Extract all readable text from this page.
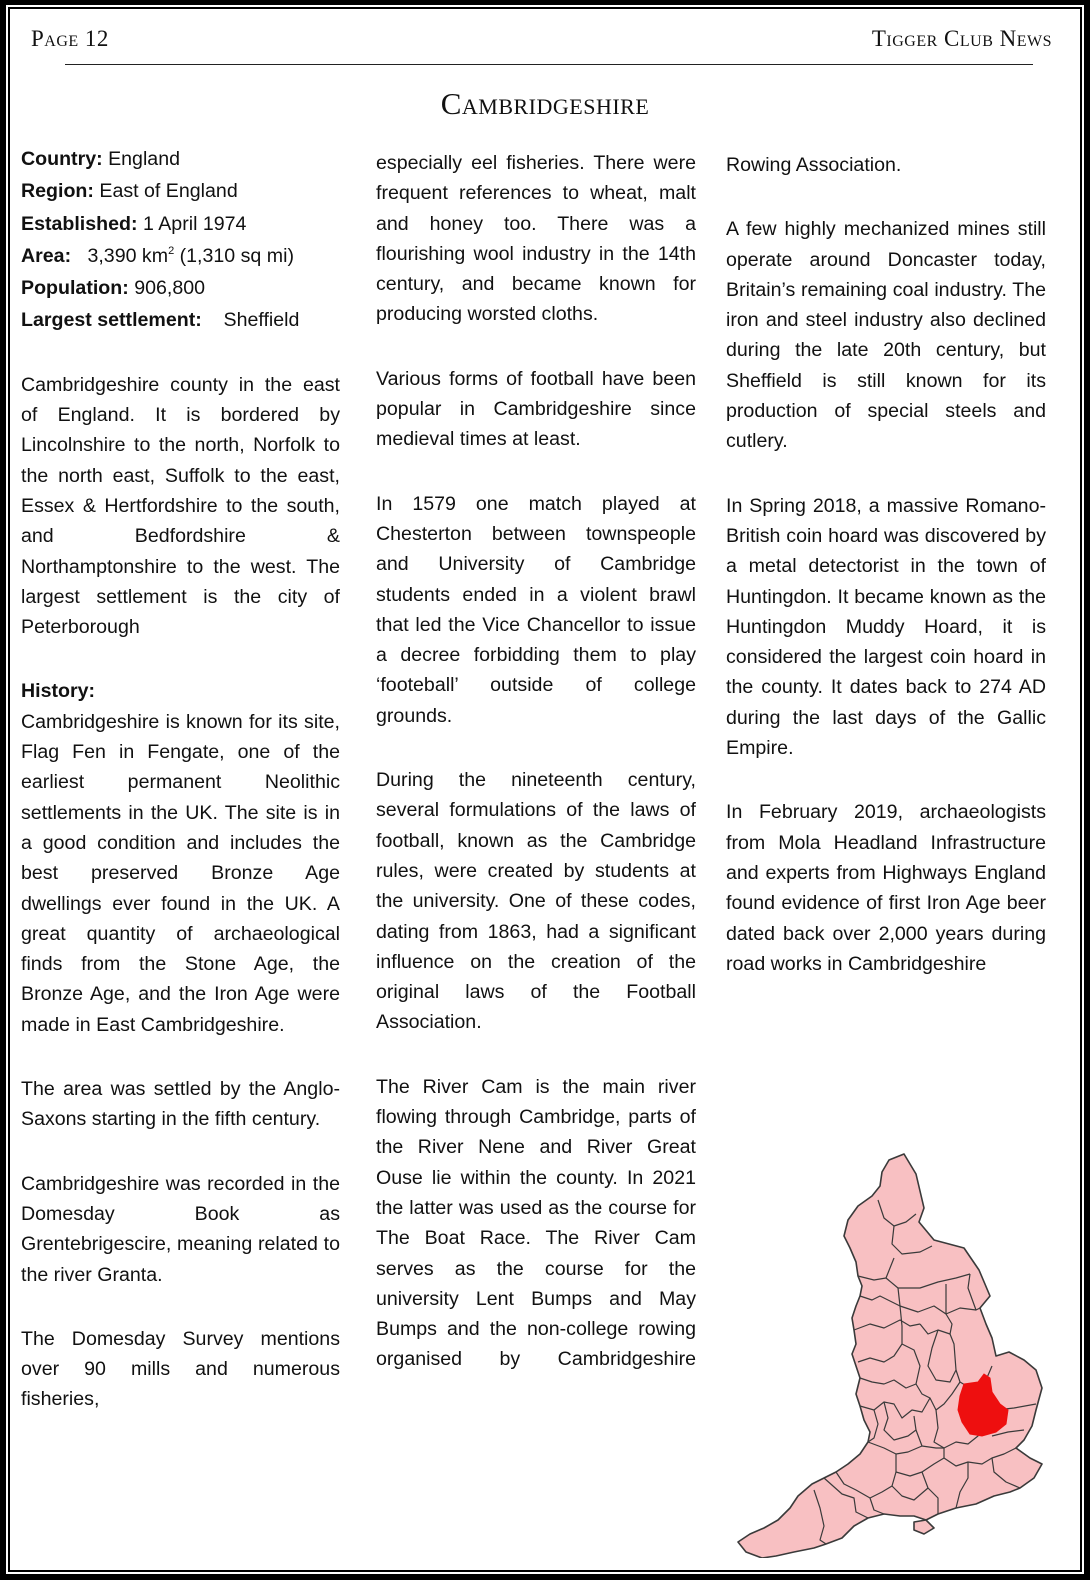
Page 12	Tigger Club News
Cambridgeshire
Country: England
Region: East of England
Established: 1 April 1974
Area: 3,390 $km^2$ (1,310 sq mi)
Population: 906,800
Largest settlement: Sheffield

Cambridgeshire county in the east of England. It is bordered by Lincolnshire to the north, Norfolk to the north east, Suffolk to the east, Essex & Hertfordshire to the south, and Bedfordshire & Northamptonshire to the west. The largest settlement is the city of Peterborough

History:

Cambridgeshire is known for its site, Flag Fen in Fengate, one of the earliest permanent Neolithic settlements in the UK. The site is in a good condition and includes the best preserved Bronze Age dwellings ever found in the UK. A great quantity of archaeological finds from the Stone Age, the Bronze Age, and the Iron Age were made in East Cambridgeshire.

The area was settled by the Anglo-Saxons starting in the fifth century.

Cambridgeshire was recorded in the Domesday Book as Grentebrigescire, meaning related to the river Granta.

The Domesday Survey mentions over 90 mills and numerous fisheries,

especially eel fisheries. There were frequent references to wheat, malt and honey too. There was a flourishing wool industry in the 14th century, and became known for producing worsted cloths.

Various forms of football have been popular in Cambridgeshire since medieval times at least.

In 1579 one match played at Chesterton between townspeople and University of Cambridge students ended in a violent brawl that led the Vice Chancellor to issue a decree forbidding them to play ‘footeball’ outside of college grounds.

During the nineteenth century, several formulations of the laws of football, known as the Cambridge rules, were created by students at the university. One of these codes, dating from 1863, had a significant influence on the creation of the original laws of the Football Association.

The River Cam is the main river flowing through Cambridge, parts of the River Nene and River Great Ouse lie within the county. In 2021 the latter was used as the course for The Boat Race. The River Cam serves as the course for the university Lent Bumps and May Bumps and the non-college rowing organised by Cambridgeshire

Rowing Association.

A few highly mechanized mines still operate around Doncaster today, Britain’s remaining coal industry. The iron and steel industry also declined during the late 20th century, but Sheffield is still known for its production of special steels and cutlery.

In Spring 2018, a massive Romano-British coin hoard was discovered by a metal detectorist in the town of Huntingdon. It became known as the Huntingdon Muddy Hoard, it is considered the largest coin hoard in the county. It dates back to 274 AD during the last days of the Gallic Empire.

In February 2019, archaeologists from Mola Headland Infrastructure and experts from Highways England found evidence of first Iron Age beer dated back over 2,000 years during road works in Cambridgeshire
